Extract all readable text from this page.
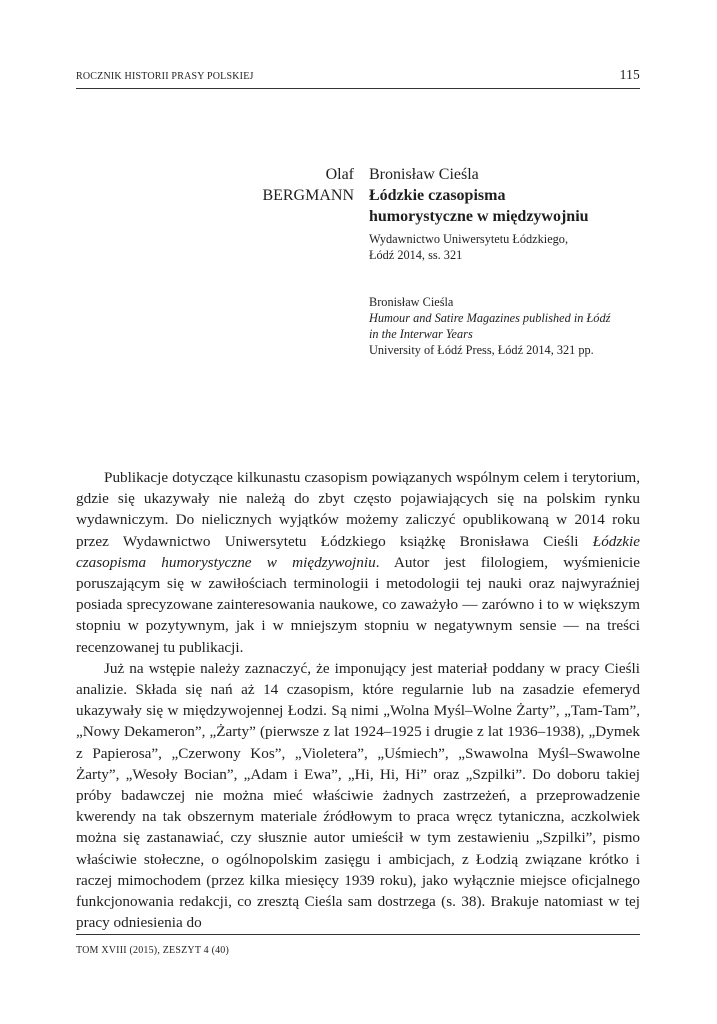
ROCZNIK HISTORII PRASY POLSKIEJ	115
Olaf
BERGMANN
Bronisław Cieśla
Łódzkie czasopisma
humorystyczne w międzywojniu
Wydawnictwo Uniwersytetu Łódzkiego,
Łódź 2014, ss. 321
Bronisław Cieśla
Humour and Satire Magazines published in Łódź
in the Interwar Years
University of Łódź Press, Łódź 2014, 321 pp.

Publikacje dotyczące kilkunastu czasopism powiązanych wspólnym celem i terytorium, gdzie się ukazywały nie należą do zbyt często pojawiających się na polskim rynku wydawniczym. Do nielicznych wyjątków możemy zaliczyć opublikowaną w 2014 roku przez Wydawnictwo Uniwersytetu Łódzkiego książkę Bronisława Cieśli Łódzkie czasopisma humorystyczne w międzywojniu. Autor jest filologiem, wyśmienicie poruszającym się w zawiłościach terminologii i metodologii tej nauki oraz najwyraźniej posiada sprecyzowane zainteresowania naukowe, co zaważyło — zarówno i to w większym stopniu w pozytywnym, jak i w mniejszym stopniu w negatywnym sensie — na treści recenzowanej tu publikacji.

Już na wstępie należy zaznaczyć, że imponujący jest materiał poddany w pracy Cieśli analizie. Składa się nań aż 14 czasopism, które regularnie lub na zasadzie efemeryd ukazywały się w międzywojennej Łodzi. Są nimi „Wolna Myśl–Wolne Żarty”, „Tam-Tam”, „Nowy Dekameron”, „Żarty” (pierwsze z lat 1924–1925 i drugie z lat 1936–1938), „Dymek z Papierosa”, „Czerwony Kos”, „Violetera”, „Uśmiech”, „Swawolna Myśl–Swawolne Żarty”, „Wesoły Bocian”, „Adam i Ewa”, „Hi, Hi, Hi” oraz „Szpilki”. Do doboru takiej próby badawczej nie można mieć właściwie żadnych zastrzeżeń, a przeprowadzenie kwerendy na tak obszernym materiale źródłowym to praca wręcz tytaniczna, aczkolwiek można się zastanawiać, czy słusznie autor umieścił w tym zestawieniu „Szpilki”, pismo właściwie stołeczne, o ogólnopolskim zasięgu i ambicjach, z Łodzią związane krótko i raczej mimochodem (przez kilka miesięcy 1939 roku), jako wyłącznie miejsce oficjalnego funkcjonowania redakcji, co zresztą Cieśla sam dostrzega (s. 38). Brakuje natomiast w tej pracy odniesienia do

TOM XVIII (2015), ZESZYT 4 (40)
